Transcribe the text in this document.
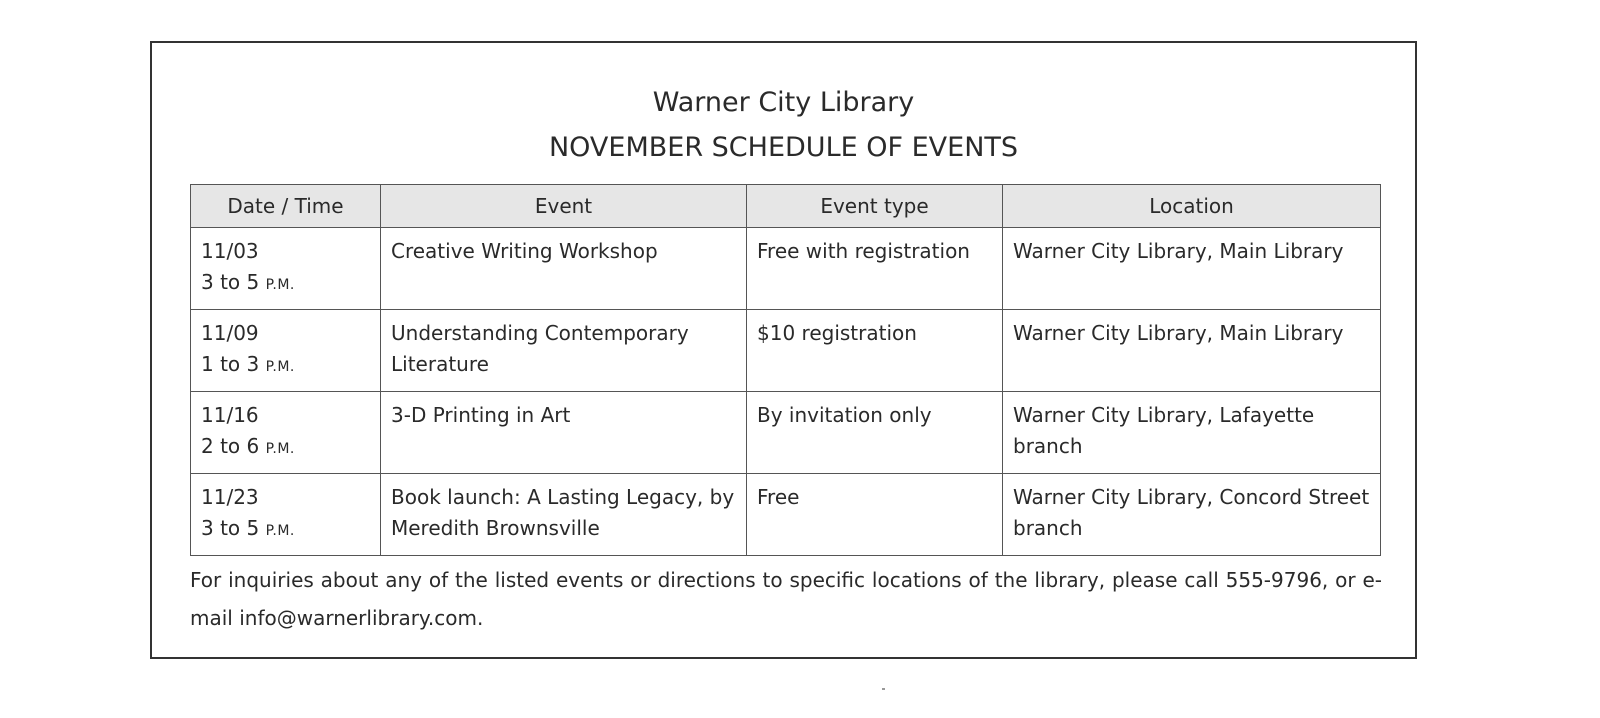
Warner City Library
NOVEMBER SCHEDULE OF EVENTS
Date / Time	Event	Event type	Location

11/03
3 to 5 P.M.	Creative Writing Workshop	Free with registration	Warner City Library, Main Library

11/09
1 to 3 P.M.	Understanding Contemporary Literature	$10 registration	Warner City Library, Main Library

11/16
2 to 6 P.M.	3-D Printing in Art	By invitation only	Warner City Library, Lafayette branch

11/23
3 to 5 P.M.	Book launch: A Lasting Legacy, by Meredith Brownsville	Free	Warner City Library, Concord Street branch
For inquiries about any of the listed events or directions to specific locations of the library, please call 555-9796, or e-mail info@warnerlibrary.com.
